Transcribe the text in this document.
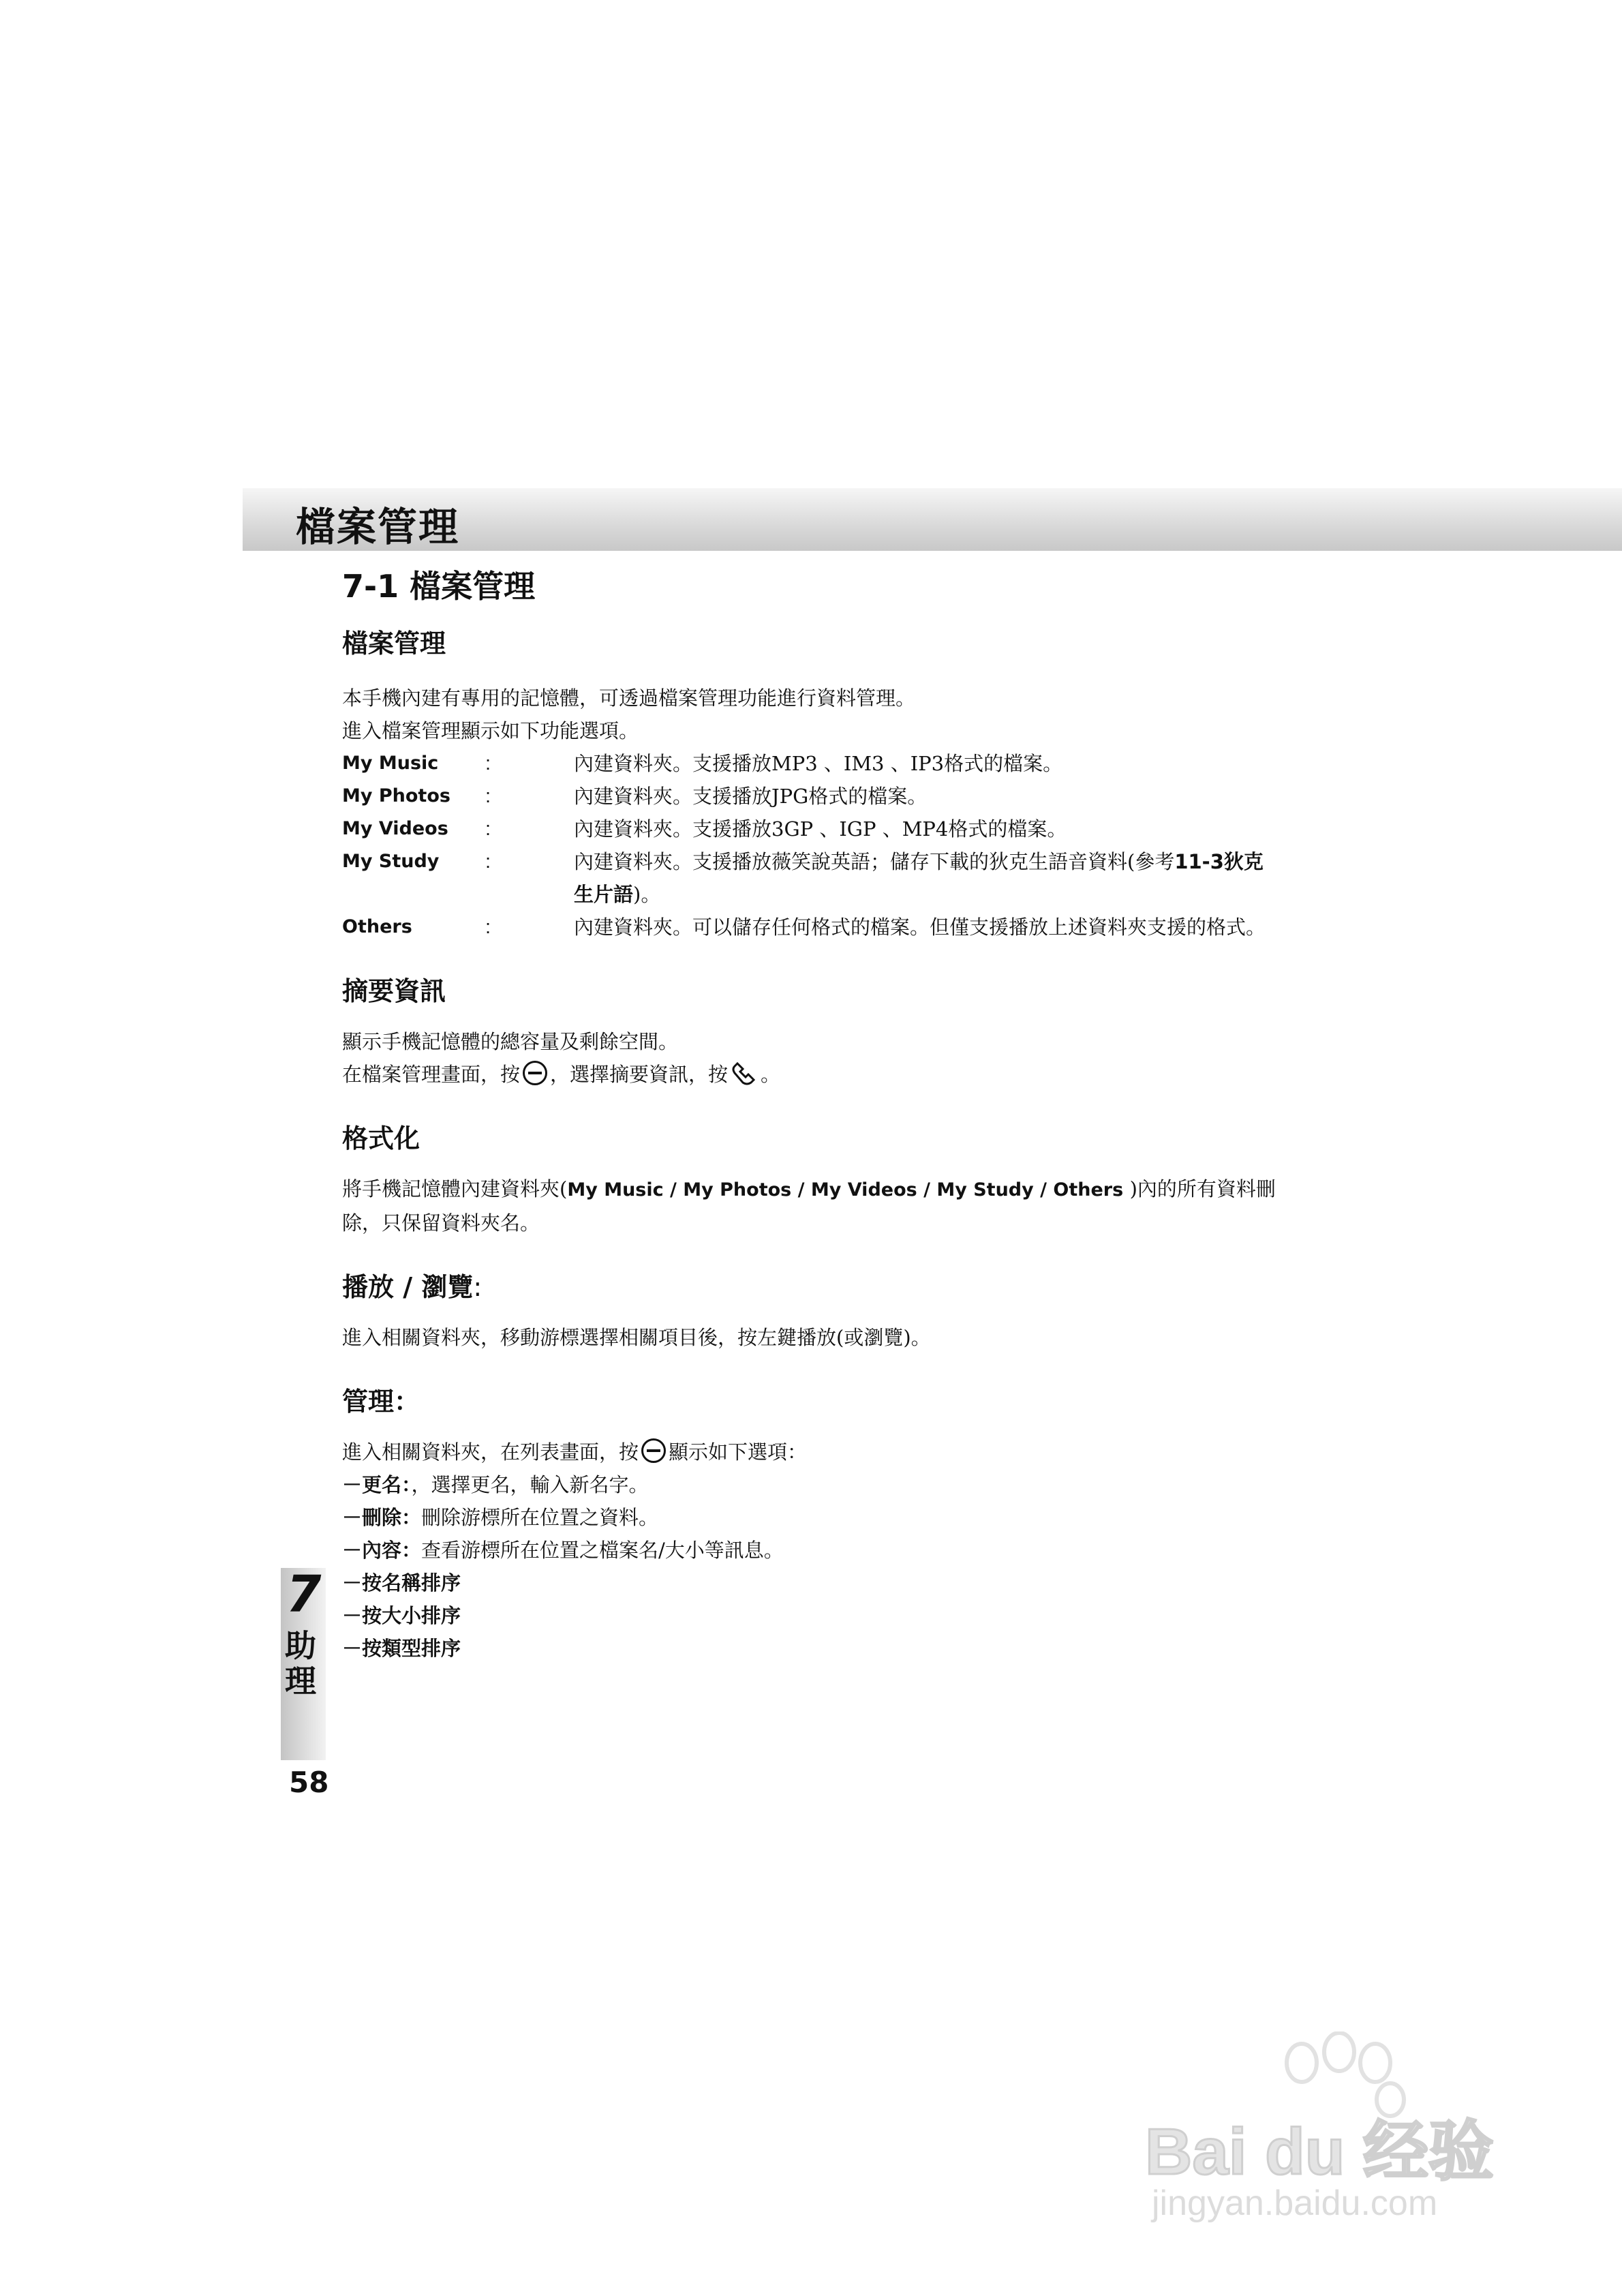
檔案管理
7-1 檔案管理
檔案管理

本手機內建有專用的記憶體，可透過檔案管理功能進行資料管理。

進入檔案管理顯示如下功能選項。

My Music	:	內建資料夾。支援播放MP3 、IM3 、IP3格式的檔案。
My Photos	:	內建資料夾。支援播放JPG格式的檔案。
My Videos	:	內建資料夾。支援播放3GP 、IGP 、MP4格式的檔案。
My Study	:	內建資料夾。支援播放薇笑說英語；儲存下載的狄克生語音資料(參考11-3狄克生片語)。
Others	:	內建資料夾。可以儲存任何格式的檔案。但僅支援播放上述資料夾支援的格式。
摘要資訊

顯示手機記憶體的總容量及剩餘空間。

在檔案管理畫面，按 ，選擇摘要資訊，按 。

格式化

將手機記憶體內建資料夾(My Music / My Photos / My Videos / My Study / Others )內的所有資料刪除，只保留資料夾名。

播放 / 瀏覽:

進入相關資料夾，移動游標選擇相關項目後，按左鍵播放(或瀏覽)。

管理：

進入相關資料夾，在列表畫面，按 顯示如下選項：

－更名：，選擇更名，輸入新名字。

－刪除：刪除游標所在位置之資料。

－內容：查看游標所在位置之檔案名/大小等訊息。

－按名稱排序

－按大小排序

－按類型排序

7
助
理
58
Bai du 经验
jingyan.baidu.com
